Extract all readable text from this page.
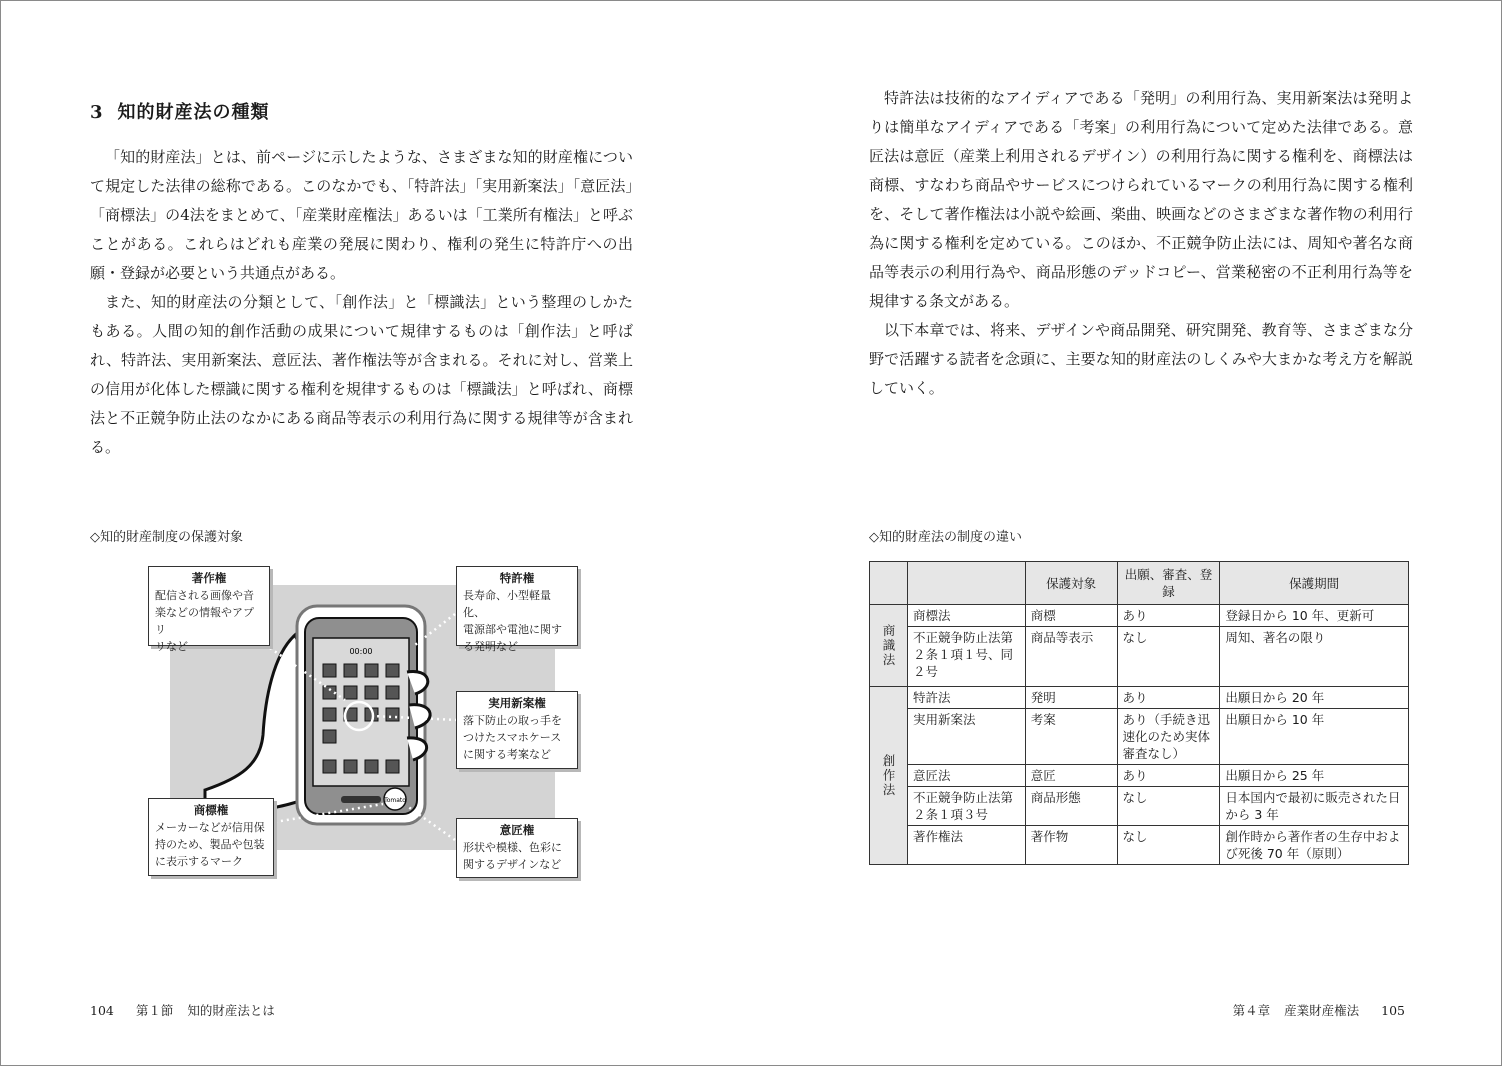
3 知的財産法の種類

「知的財産法」とは、前ページに示したような、さまざまな知的財産権について規定した法律の総称である。このなかでも、「特許法」「実用新案法」「意匠法」「商標法」の4法をまとめて、「産業財産権法」あるいは「工業所有権法」と呼ぶことがある。これらはどれも産業の発展に関わり、権利の発生に特許庁への出願・登録が必要という共通点がある。

また、知的財産法の分類として、「創作法」と「標識法」という整理のしかたもある。人間の知的創作活動の成果について規律するものは「創作法」と呼ばれ、特許法、実用新案法、意匠法、著作権法等が含まれる。それに対し、営業上の信用が化体した標識に関する権利を規律するものは「標識法」と呼ばれ、商標法と不正競争防止法のなかにある商品等表示の利用行為に関する規律等が含まれる。

◇知的財産制度の保護対象
00:00
Tomato
著作権
配信される画像や音
楽などの情報やアプリ
リなど
特許権
長寿命、小型軽量化、
電源部や電池に関す
る発明など
実用新案権
落下防止の取っ手を
つけたスマホケース
に関する考案など
商標権
メーカーなどが信用保
持のため、製品や包装
に表示するマーク
意匠権
形状や模様、色彩に
関するデザインなど
104 第１節 知的財産法とは

特許法は技術的なアイディアである「発明」の利用行為、実用新案法は発明よりは簡単なアイディアである「考案」の利用行為について定めた法律である。意匠法は意匠（産業上利用されるデザイン）の利用行為に関する権利を、商標法は商標、すなわち商品やサービスにつけられているマークの利用行為に関する権利を、そして著作権法は小説や絵画、楽曲、映画などのさまざまな著作物の利用行為に関する権利を定めている。このほか、不正競争防止法には、周知や著名な商品等表示の利用行為や、商品形態のデッドコピー、営業秘密の不正利用行為等を規律する条文がある。

以下本章では、将来、デザインや商品開発、研究開発、教育等、さまざまな分野で活躍する読者を念頭に、主要な知的財産法のしくみや大まかな考え方を解説していく。

◇知的財産法の制度の違い
		保護対象	出願、審査、登録	保護期間
商識法	商標法	商標	あり	登録日から 10 年、更新可
	不正競争防止法第２条１項１号、同２号	商品等表示	なし	周知、著名の限り
創作法	特許法	発明	あり	出願日から 20 年
	実用新案法	考案	あり（手続き迅速化のため実体審査なし）	出願日から 10 年
	意匠法	意匠	あり	出願日から 25 年
	不正競争防止法第２条１項３号	商品形態	なし	日本国内で最初に販売された日から 3 年
	著作権法	著作物	なし	創作時から著作者の生存中および死後 70 年（原則）
第４章 産業財産権法 105
